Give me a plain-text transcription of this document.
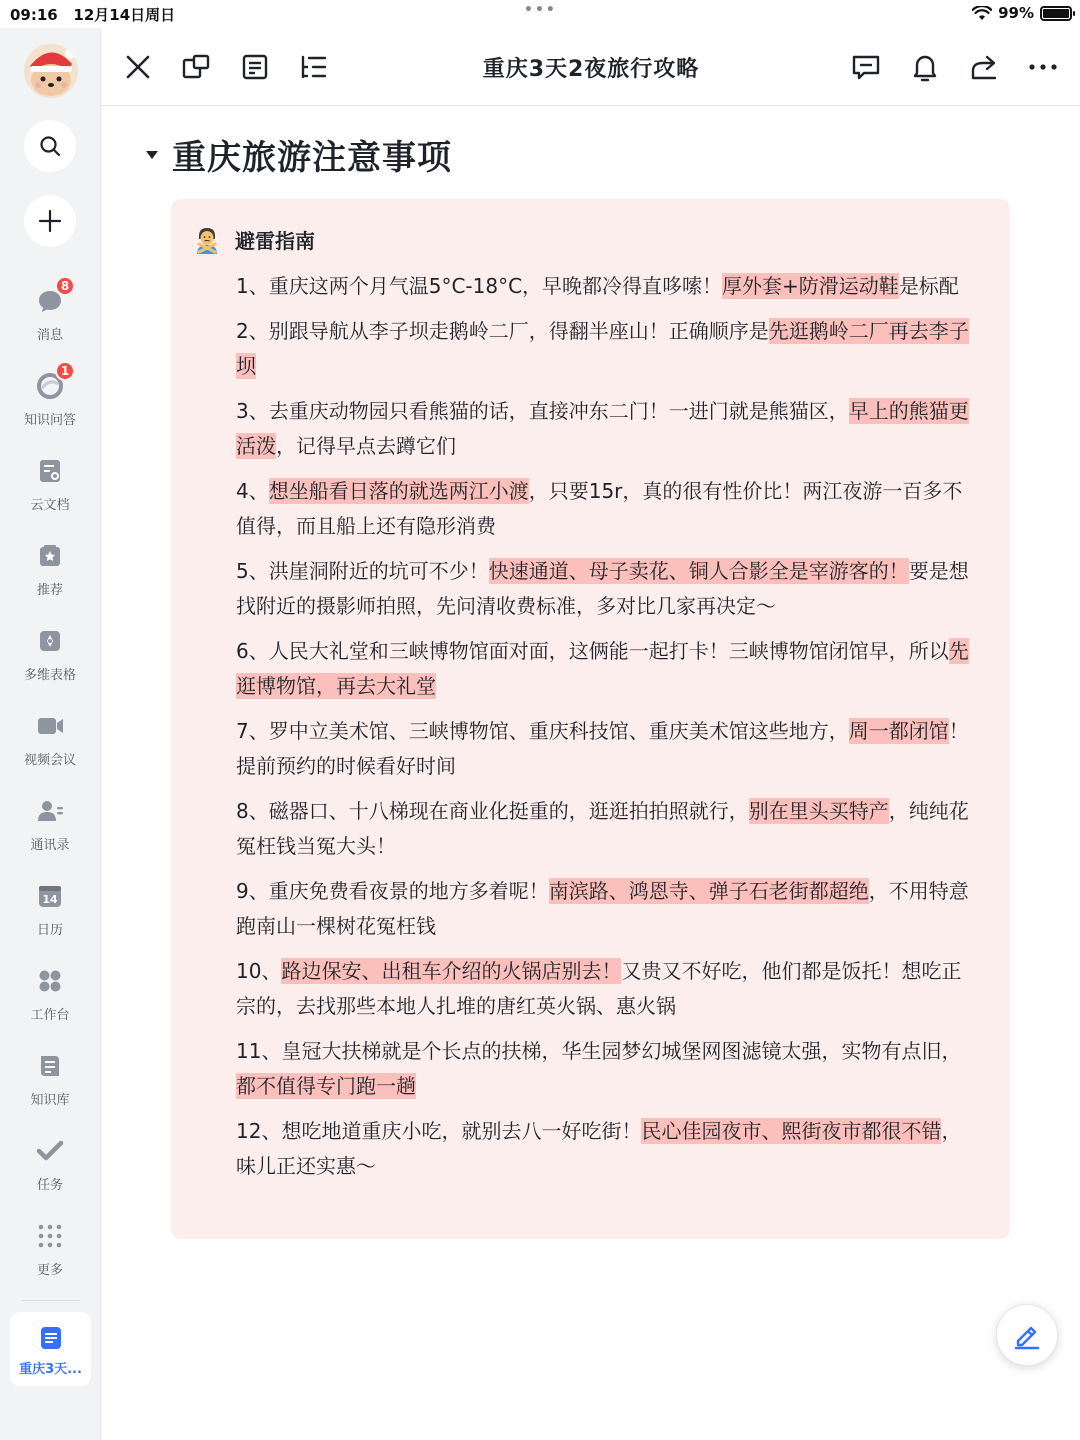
09:16 12月14日周日	•••	99%
8
消息
1
知识问答
云文档
推荐
多维表格
视频会议
通讯录
14
日历
工作台
知识库
任务
更多
重庆3天...
重庆3天2夜旅行攻略
重庆旅游注意事项
避雷指南
1、重庆这两个月气温5°C-18°C，早晚都冷得直哆嗦！厚外套+防滑运动鞋是标配
2、别跟导航从李子坝走鹅岭二厂，得翻半座山！正确顺序是先逛鹅岭二厂再去李子坝
3、去重庆动物园只看熊猫的话，直接冲东二门！一进门就是熊猫区，早上的熊猫更活泼，记得早点去蹲它们
4、想坐船看日落的就选两江小渡，只要15r，真的很有性价比！两江夜游一百多不值得，而且船上还有隐形消费
5、洪崖洞附近的坑可不少！快速通道、母子卖花、铜人合影全是宰游客的！要是想找附近的摄影师拍照，先问清收费标准，多对比几家再决定～
6、人民大礼堂和三峡博物馆面对面，这俩能一起打卡！三峡博物馆闭馆早，所以先逛博物馆，再去大礼堂
7、罗中立美术馆、三峡博物馆、重庆科技馆、重庆美术馆这些地方，周一都闭馆！提前预约的时候看好时间
8、磁器口、十八梯现在商业化挺重的，逛逛拍拍照就行，别在里头买特产，纯纯花冤枉钱当冤大头！
9、重庆免费看夜景的地方多着呢！南滨路、鸿恩寺、弹子石老街都超绝，不用特意跑南山一棵树花冤枉钱
10、路边保安、出租车介绍的火锅店别去！又贵又不好吃，他们都是饭托！想吃正宗的，去找那些本地人扎堆的唐红英火锅、惠火锅
11、皇冠大扶梯就是个长点的扶梯，华生园梦幻城堡网图滤镜太强，实物有点旧，都不值得专门跑一趟
12、想吃地道重庆小吃，就别去八一好吃街！民心佳园夜市、熙街夜市都很不错，味儿正还实惠～
